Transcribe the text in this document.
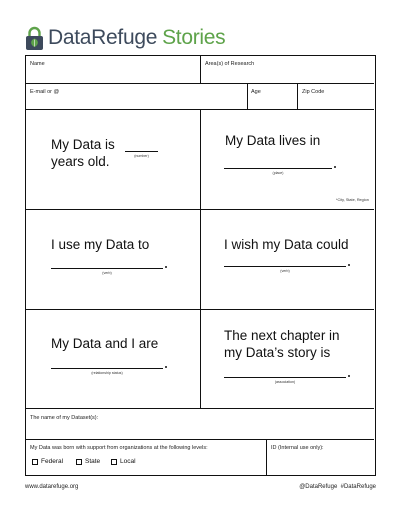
DataRefuge Stories
Name	Area(s) of Research
E-mail or @	Age	Zip Code
My Data is
years old.	(number)
My Data lives in
(place)
*City, State, Region
I use my Data to
(verb)
I wish my Data could
(verb)
My Data and I are
(relationship status)
The next chapter in
my Data’s story is
(association)
The name of my Dataset(s):
My Data was born with support from organizations at the following levels:
Federal	State	Local
ID (Internal use only):
www.datarefuge.org	@DataRefuge  #DataRefuge
